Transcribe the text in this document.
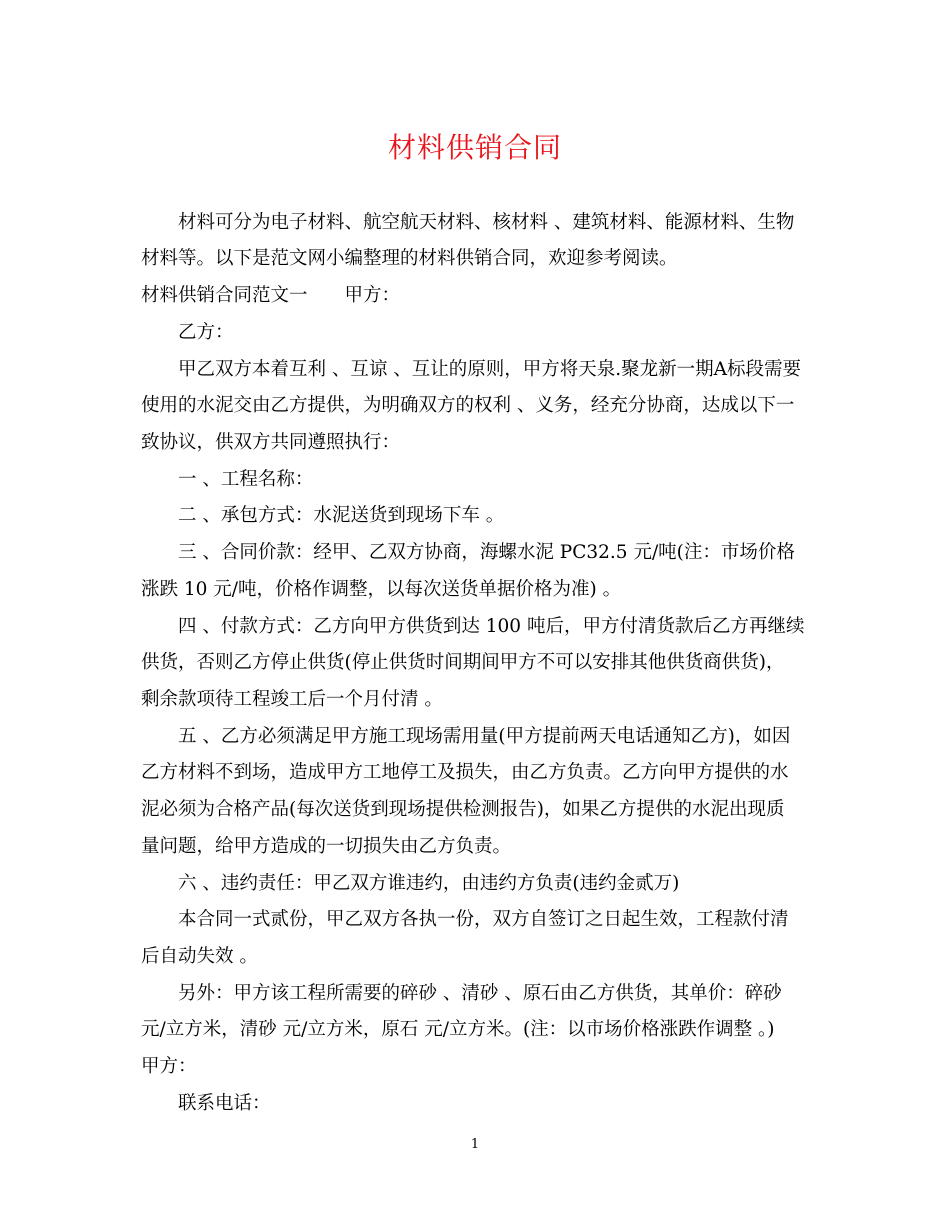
材料供销合同
材料可分为电子材料、航空航天材料、核材料 、建筑材料、能源材料、生物
材料等。以下是范文网小编整理的材料供销合同，欢迎参考阅读。
材料供销合同范文一　　甲方：
乙方：
甲乙双方本着互利 、互谅 、互让的原则，甲方将天泉.聚龙新一期A标段需要
使用的水泥交由乙方提供，为明确双方的权利 、义务，经充分协商，达成以下一
致协议，供双方共同遵照执行：
一 、工程名称：
二 、承包方式：水泥送货到现场下车 。
三 、合同价款：经甲、乙双方协商，海螺水泥 PC32.5 元/吨(注：市场价格
涨跌 10 元/吨，价格作调整，以每次送货单据价格为准) 。
四 、付款方式：乙方向甲方供货到达 100 吨后，甲方付清货款后乙方再继续
供货，否则乙方停止供货(停止供货时间期间甲方不可以安排其他供货商供货)，
剩余款项待工程竣工后一个月付清 。
五 、乙方必须满足甲方施工现场需用量(甲方提前两天电话通知乙方)，如因
乙方材料不到场，造成甲方工地停工及损失，由乙方负责。乙方向甲方提供的水
泥必须为合格产品(每次送货到现场提供检测报告)，如果乙方提供的水泥出现质
量问题，给甲方造成的一切损失由乙方负责。
六 、违约责任：甲乙双方谁违约，由违约方负责(违约金贰万)
本合同一式贰份，甲乙双方各执一份，双方自签订之日起生效，工程款付清
后自动失效 。
另外：甲方该工程所需要的碎砂 、清砂 、原石由乙方供货，其单价：碎砂
元/立方米，清砂 元/立方米，原石 元/立方米。(注：以市场价格涨跌作调整 。)
甲方：
联系电话：
1
